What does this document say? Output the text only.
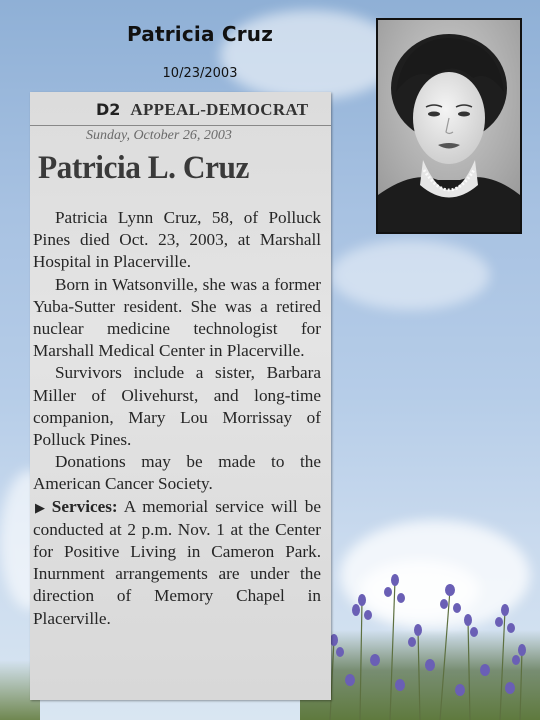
Patricia Cruz
10/23/2003
D2 APPEAL-DEMOCRAT
Sunday, October 26, 2003
Patricia L. Cruz

Patricia Lynn Cruz, 58, of Polluck Pines died Oct. 23, 2003, at Marshall Hospital in Placerville.

Born in Watsonville, she was a former Yuba-Sutter resident. She was a retired nuclear medicine technologist for Marshall Medical Center in Placerville.

Survivors include a sister, Barbara Miller of Olivehurst, and long-time companion, Mary Lou Morrissay of Polluck Pines.

Donations may be made to the American Cancer Society.

▶ Services: A memorial service will be conducted at 2 p.m. Nov. 1 at the Center for Positive Living in Cameron Park. Inurnment arrangements are under the direction of Memory Chapel in Placerville.
